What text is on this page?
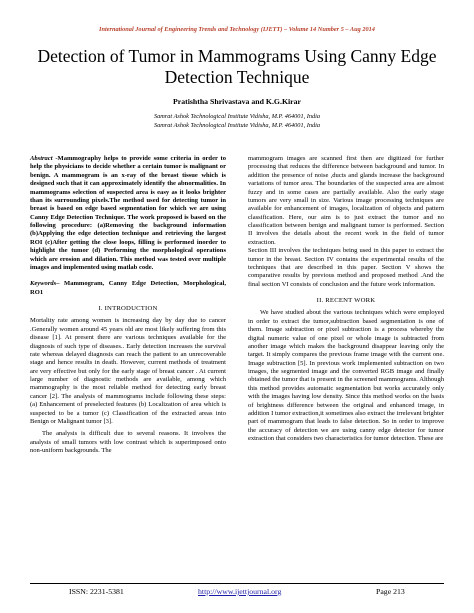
International Journal of Engineering Trends and Technology (IJETT) – Volume 14 Number 5 – Aug 2014
Detection of Tumor in Mammograms Using Canny Edge Detection Technique
Pratishtha Shrivastava and K.G.Kirar
Samrat Ashok Technological Institute Vidisha, M.P. 464001, India
Samrat Ashok Technological Institute Vidisha, M.P. 464001, India

Abstract -Mammography helps to provide some criteria in order to help the physicians to decide whether a certain tumor is malignant or benign. A mammogram is an x-ray of the breast tissue which is designed such that it can approximately identify the abnormalities. In mammograms selection of suspected area is easy as it looks brighter than its surrounding pixels.The method used for detecting tumor in breast is based on edge based segmentation for which we are using Canny Edge Detection Technique. The work proposed is based on the following procedure: (a)Removing the background information (b)Applying the edge detection technique and retrieving the largest ROI (c)After getting the close loops, filling is performed inorder to highlight the tumor (d) Performing the morphological operations which are erosion and dilation. This method was tested over multiple images and implemented using matlab code.

Keywords– Mammogram, Canny Edge Detection, Morphological, RO1

I. INTRODUCTION

Mortality rate among women is increasing day by day due to cancer .Generally women around 45 years old are most likely suffering from this disease [1]. At present there are various techniques available for the diagnosis of such type of diseases.. Early detection increases the survival rate whereas delayed diagnosis can reach the patient to an unrecoverable stage and hence results in death. However, current methods of treatment are very effective but only for the early stage of breast cancer . At current large number of diagnostic methods are available, among which mammography is the most reliable method for detecting early breast cancer [2]. The analysis of mammograms include following these steps: (a) Enhancement of preselected features (b) Localization of area which is suspected to be a tumor (c) Classification of the extracted areas into Benign or Malignant tumor [3].

The analysis is difficult due to several reasons. It involves the analysis of small tumors with low contrast which is superimposed onto non-uniform backgrounds. The

mammogram images are scanned first then are digitized for further processing that reduces the difference between background and tumor. In addition the presence of noise ,ducts and glands increase the background variations of tumor area. The boundaries of the suspected area are almost fuzzy and in some cases are partially available. Also the early stage tumors are very small in size. Various image processing techniques are available for enhancement of images, localization of objects and pattern classification. Here, our aim is to just extract the tumor and no classification between benign and malignant tumor is performed. Section II involves the details about the recent work in the field of tumor extraction.

Section III involves the techniques being used in this paper to extract the tumor in the breast. Section IV contains the experimental results of the techniques that are described in this paper. Section V shows the comparative results by previous method and proposed method .And the final section VI consists of conclusion and the future work information.

II. RECENT WORK

We have studied about the various techniques which were employed in order to extract the tumor,subtraction based segmentation is one of them. Image subtraction or pixel subtraction is a process whereby the digital numeric value of one pixel or whole image is subtracted from another image which makes the background disappear leaving only the target. It simply compares the previous frame image with the current one. Image subtraction [5]. In previous work implemented subtraction on two images, the segmented image and the converted RGB image and finally obtained the tumor that is present in the screened mammograms. Although this method provides automatic segmentation but works accurately only with the images having low density. Since this method works on the basis of brightness difference between the original and enhanced image, in addition I tumor extraction,it sometimes also extract the irrelevant brighter part of mammogram that leads to false detection. So in order to improve the accuracy of detection we are using canny edge detector for tumor extraction that considers two characteristics for tumor detection. These are

ISSN: 2231-5381	http://www.ijettjournal.org	Page 213
